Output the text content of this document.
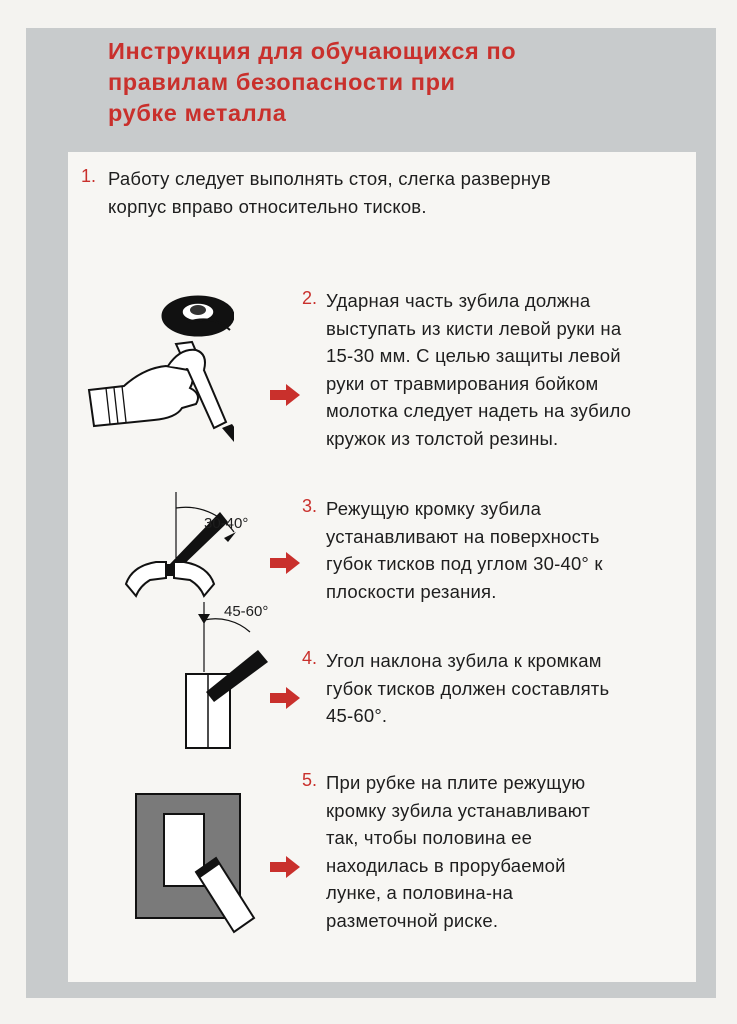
Инструкция для обучающихся по
правилам безопасности при
рубке металла
1. Работу следует выполнять стоя, слегка развернув
корпус вправо относительно тисков.
2. Ударная часть зубила должна
выступать из кисти левой руки на
15-30 мм. С целью защиты левой
руки от травмирования бойком
молотка следует надеть на зубило
кружок из толстой резины.
30-40°
3. Режущую кромку зубила
устанавливают на поверхность
губок тисков под углом 30-40° к
плоскости резания.
45-60°
4. Угол наклона зубила к кромкам
губок тисков должен составлять
45-60°.
5. При рубке на плите режущую
кромку зубила устанавливают
так, чтобы половина ее
находилась в прорубаемой
лунке, а половина-на
разметочной риске.
